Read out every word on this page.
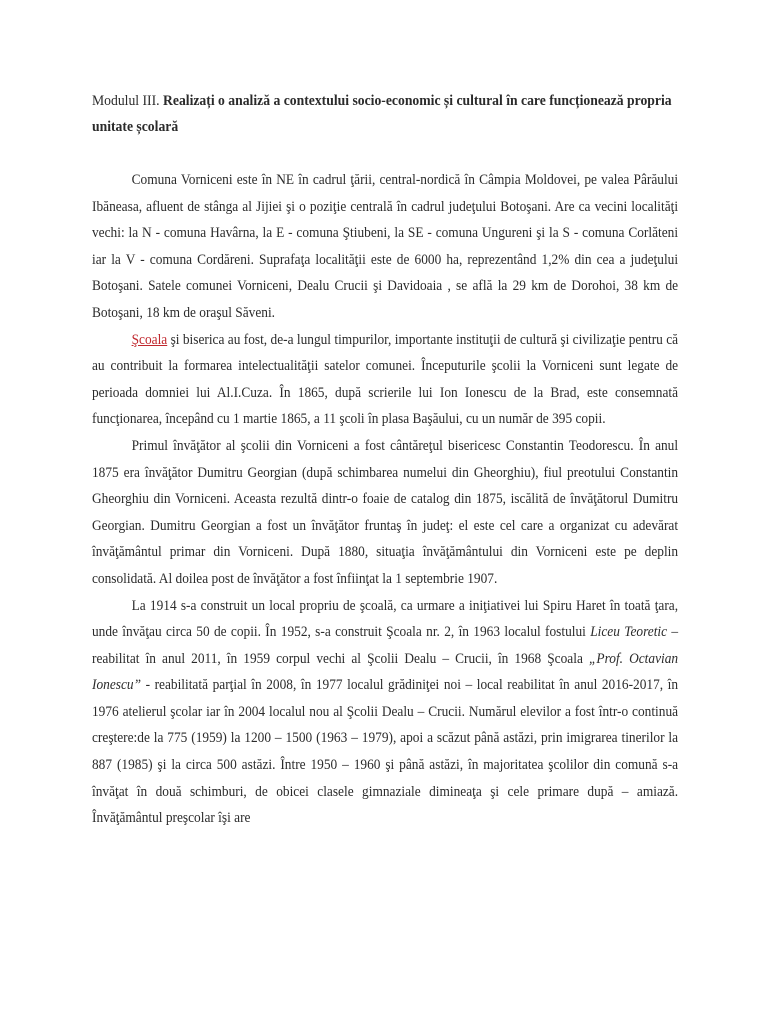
Modulul III. Realizați o analiză a contextului socio-economic și cultural în care funcționează propria unitate școlară

Comuna Vorniceni este în NE în cadrul ţării, central-nordică în Câmpia Moldovei, pe valea Pârăului Ibăneasa, afluent de stânga al Jijiei şi o poziţie centrală în cadrul judeţului Botoşani. Are ca vecini localităţi vechi: la N - comuna Havârna, la E - comuna Ştiubeni, la SE - comuna Ungureni şi la S - comuna Corlăteni iar la V - comuna Cordăreni. Suprafaţa localităţii este de 6000 ha, reprezentând 1,2% din cea a judeţului Botoşani. Satele comunei Vorniceni, Dealu Crucii şi Davidoaia , se află la 29 km de Dorohoi, 38 km de Botoşani, 18 km de oraşul Săveni.

Şcoala şi biserica au fost, de-a lungul timpurilor, importante instituţii de cultură şi civilizaţie pentru că au contribuit la formarea intelectualităţii satelor comunei. Începuturile şcolii la Vorniceni sunt legate de perioada domniei lui Al.I.Cuza. În 1865, după scrierile lui Ion Ionescu de la Brad, este consemnată funcţionarea, începând cu 1 martie 1865, a 11 şcoli în plasa Başăului, cu un număr de 395 copii.

Primul învăţător al şcolii din Vorniceni a fost cântăreţul bisericesc Constantin Teodorescu. În anul 1875 era învăţător Dumitru Georgian (după schimbarea numelui din Gheorghiu), fiul preotului Constantin Gheorghiu din Vorniceni. Aceasta rezultă dintr-o foaie de catalog din 1875, iscălită de învăţătorul Dumitru Georgian. Dumitru Georgian a fost un învăţător fruntaş în judeţ: el este cel care a organizat cu adevărat învăţământul primar din Vorniceni. După 1880, situaţia învăţământului din Vorniceni este pe deplin consolidată. Al doilea post de învăţător a fost înfiinţat la 1 septembrie 1907.

La 1914 s-a construit un local propriu de şcoală, ca urmare a iniţiativei lui Spiru Haret în toată ţara, unde învăţau circa 50 de copii. În 1952, s-a construit Şcoala nr. 2, în 1963 localul fostului Liceu Teoretic – reabilitat în anul 2011, în 1959 corpul vechi al Şcolii Dealu – Crucii, în 1968 Şcoala „Prof. Octavian Ionescu” - reabilitată parţial în 2008, în 1977 localul grădiniţei noi – local reabilitat în anul 2016-2017, în 1976 atelierul şcolar iar în 2004 localul nou al Şcolii Dealu – Crucii. Numărul elevilor a fost într-o continuă creştere:de la 775 (1959) la 1200 – 1500 (1963 – 1979), apoi a scăzut până astăzi, prin imigrarea tinerilor la 887 (1985) şi la circa 500 astăzi. Între 1950 – 1960 şi până astăzi, în majoritatea şcolilor din comună s-a învăţat în două schimburi, de obicei clasele gimnaziale dimineaţa şi cele primare după – amiază. Învăţământul preşcolar îşi are
